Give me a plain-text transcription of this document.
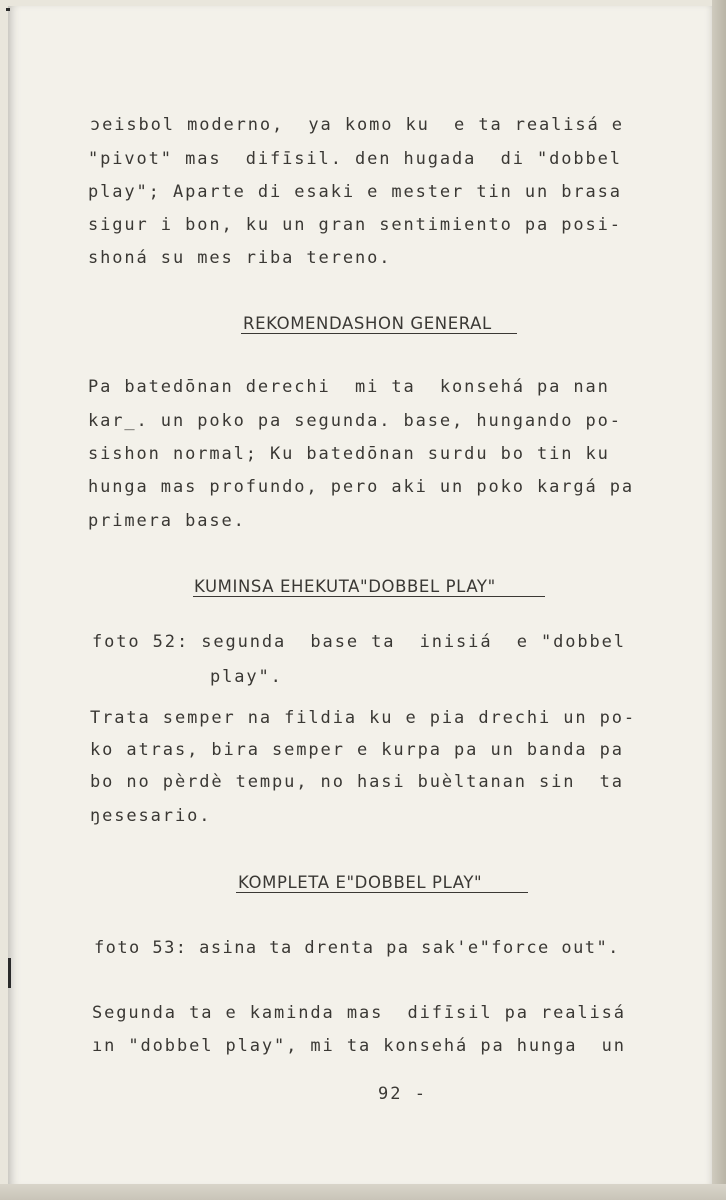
ɔeisbol moderno,  ya komo ku  e ta realisá e
"pivot" mas  difīsil. den hugada  di "dobbel
play"; Aparte di esaki e mester tin un brasa
sigur i bon, ku un gran sentimiento pa posi-
shoná su mes riba tereno.
REKOMENDASHON GENERAL
Pa batedōnan derechi  mi ta  konsehá pa nan
kar_. un poko pa segunda. base, hungando po-
sishon normal; Ku batedōnan surdu bo tin ku
hunga mas profundo, pero aki un poko kargá pa
primera base.
KUMINSA EHEKUTA"DOBBEL PLAY"
foto 52: segunda  base ta  inisiá  e "dobbel
play".
Trata semper na fildia ku e pia drechi un po-
ko atras, bira semper e kurpa pa un banda pa
bo no pèrdè tempu, no hasi buèltanan sin  ta
ŋesesario.
KOMPLETA E"DOBBEL PLAY"
foto 53: asina ta drenta pa sak'e"force out".
Segunda ta e kaminda mas  difīsil pa realisá
ın "dobbel play", mi ta konsehá pa hunga  un
92 -
